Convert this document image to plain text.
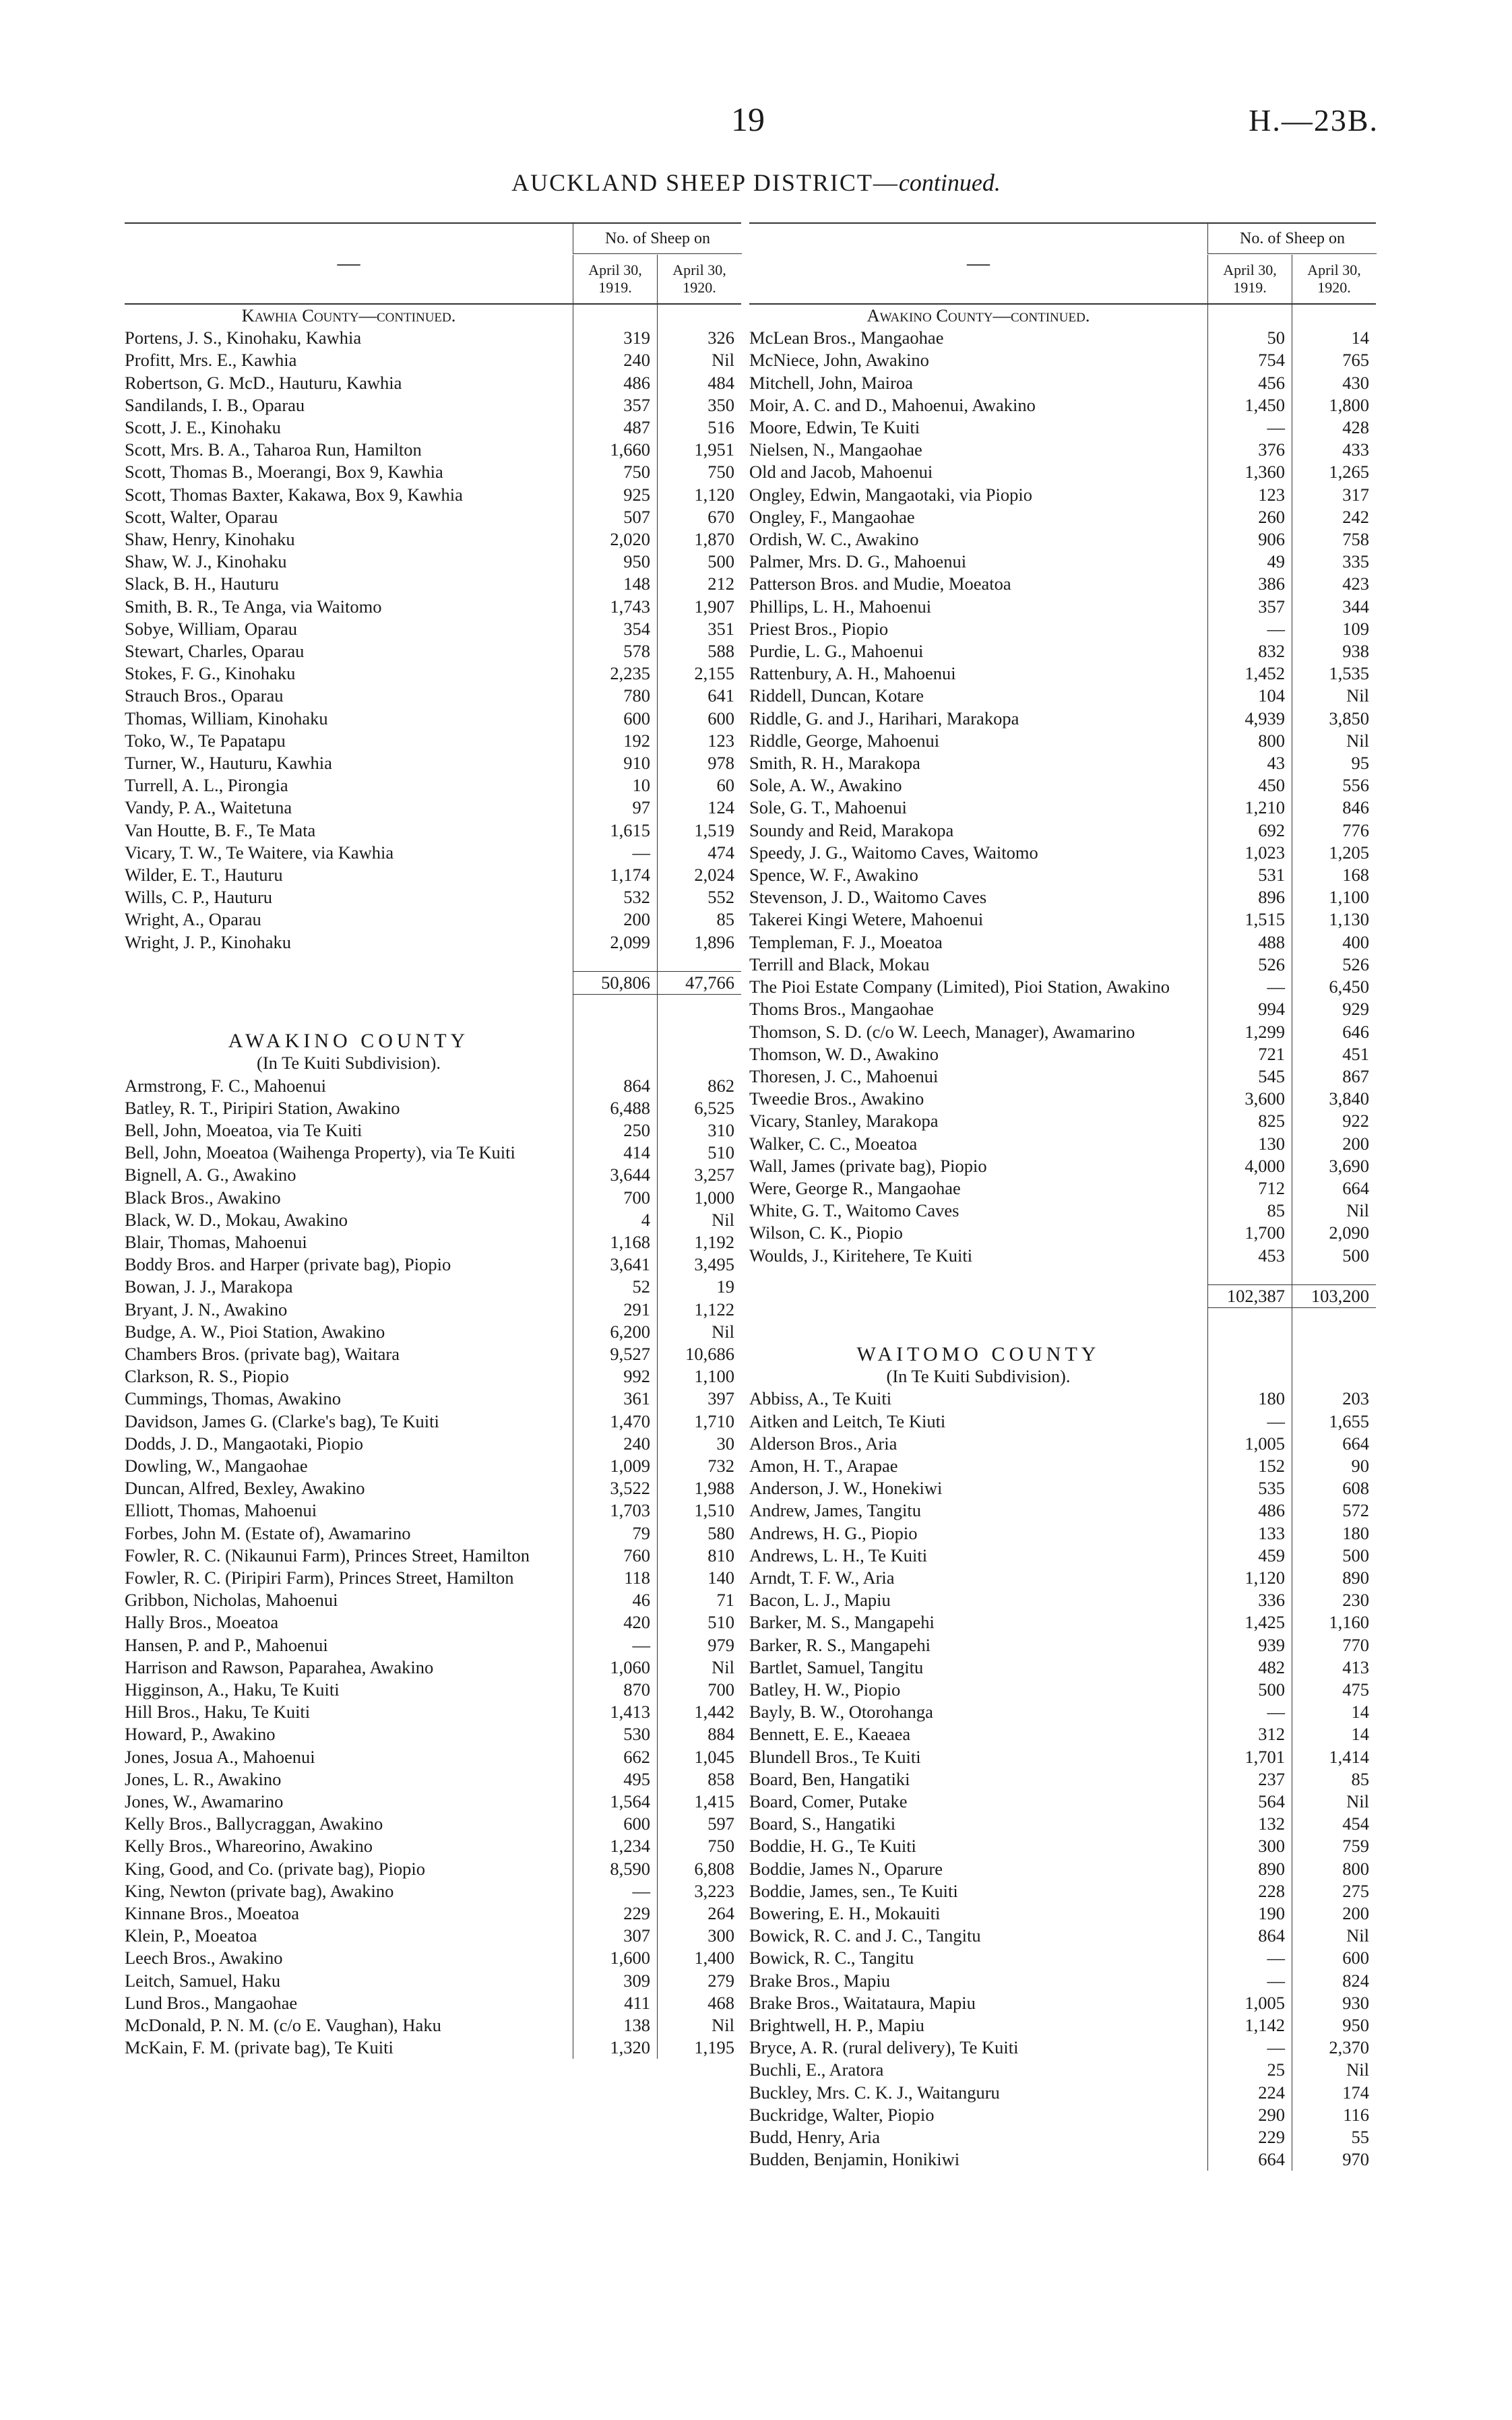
19	H.—23B.
AUCKLAND SHEEP DISTRICT—continued.
—
No. of Sheep on
April 30, 1919.
April 30, 1920.
Kawhia County—continued.
Portens, J. S., Kinohaku, Kawhia	319	326
Profitt, Mrs. E., Kawhia	240	Nil
Robertson, G. McD., Hauturu, Kawhia	486	484
Sandilands, I. B., Oparau	357	350
Scott, J. E., Kinohaku	487	516
Scott, Mrs. B. A., Taharoa Run, Hamilton	1,660	1,951
Scott, Thomas B., Moerangi, Box 9, Kawhia	750	750
Scott, Thomas Baxter, Kakawa, Box 9, Kawhia	925	1,120
Scott, Walter, Oparau	507	670
Shaw, Henry, Kinohaku	2,020	1,870
Shaw, W. J., Kinohaku	950	500
Slack, B. H., Hauturu	148	212
Smith, B. R., Te Anga, via Waitomo	1,743	1,907
Sobye, William, Oparau	354	351
Stewart, Charles, Oparau	578	588
Stokes, F. G., Kinohaku	2,235	2,155
Strauch Bros., Oparau	780	641
Thomas, William, Kinohaku	600	600
Toko, W., Te Papatapu	192	123
Turner, W., Hauturu, Kawhia	910	978
Turrell, A. L., Pirongia	10	60
Vandy, P. A., Waitetuna	97	124
Van Houtte, B. F., Te Mata	1,615	1,519
Vicary, T. W., Te Waitere, via Kawhia	—	474
Wilder, E. T., Hauturu	1,174	2,024
Wills, C. P., Hauturu	532	552
Wright, A., Oparau	200	85
Wright, J. P., Kinohaku	2,099	1,896
50,806	47,766
AWAKINO COUNTY
(In Te Kuiti Subdivision).
Armstrong, F. C., Mahoenui	864	862
Batley, R. T., Piripiri Station, Awakino	6,488	6,525
Bell, John, Moeatoa, via Te Kuiti	250	310
Bell, John, Moeatoa (Waihenga Property), via Te Kuiti	414	510
Bignell, A. G., Awakino	3,644	3,257
Black Bros., Awakino	700	1,000
Black, W. D., Mokau, Awakino	4	Nil
Blair, Thomas, Mahoenui	1,168	1,192
Boddy Bros. and Harper (private bag), Piopio	3,641	3,495
Bowan, J. J., Marakopa	52	19
Bryant, J. N., Awakino	291	1,122
Budge, A. W., Pioi Station, Awakino	6,200	Nil
Chambers Bros. (private bag), Waitara	9,527	10,686
Clarkson, R. S., Piopio	992	1,100
Cummings, Thomas, Awakino	361	397
Davidson, James G. (Clarke's bag), Te Kuiti	1,470	1,710
Dodds, J. D., Mangaotaki, Piopio	240	30
Dowling, W., Mangaohae	1,009	732
Duncan, Alfred, Bexley, Awakino	3,522	1,988
Elliott, Thomas, Mahoenui	1,703	1,510
Forbes, John M. (Estate of), Awamarino	79	580
Fowler, R. C. (Nikaunui Farm), Princes Street, Hamilton	760	810
Fowler, R. C. (Piripiri Farm), Princes Street, Hamilton	118	140
Gribbon, Nicholas, Mahoenui	46	71
Hally Bros., Moeatoa	420	510
Hansen, P. and P., Mahoenui	—	979
Harrison and Rawson, Paparahea, Awakino	1,060	Nil
Higginson, A., Haku, Te Kuiti	870	700
Hill Bros., Haku, Te Kuiti	1,413	1,442
Howard, P., Awakino	530	884
Jones, Josua A., Mahoenui	662	1,045
Jones, L. R., Awakino	495	858
Jones, W., Awamarino	1,564	1,415
Kelly Bros., Ballycraggan, Awakino	600	597
Kelly Bros., Whareorino, Awakino	1,234	750
King, Good, and Co. (private bag), Piopio	8,590	6,808
King, Newton (private bag), Awakino	—	3,223
Kinnane Bros., Moeatoa	229	264
Klein, P., Moeatoa	307	300
Leech Bros., Awakino	1,600	1,400
Leitch, Samuel, Haku	309	279
Lund Bros., Mangaohae	411	468
McDonald, P. N. M. (c/o E. Vaughan), Haku	138	Nil
McKain, F. M. (private bag), Te Kuiti	1,320	1,195
—
No. of Sheep on
April 30, 1919.
April 30, 1920.
Awakino County—continued.
McLean Bros., Mangaohae	50	14
McNiece, John, Awakino	754	765
Mitchell, John, Mairoa	456	430
Moir, A. C. and D., Mahoenui, Awakino	1,450	1,800
Moore, Edwin, Te Kuiti	—	428
Nielsen, N., Mangaohae	376	433
Old and Jacob, Mahoenui	1,360	1,265
Ongley, Edwin, Mangaotaki, via Piopio	123	317
Ongley, F., Mangaohae	260	242
Ordish, W. C., Awakino	906	758
Palmer, Mrs. D. G., Mahoenui	49	335
Patterson Bros. and Mudie, Moeatoa	386	423
Phillips, L. H., Mahoenui	357	344
Priest Bros., Piopio	—	109
Purdie, L. G., Mahoenui	832	938
Rattenbury, A. H., Mahoenui	1,452	1,535
Riddell, Duncan, Kotare	104	Nil
Riddle, G. and J., Harihari, Marakopa	4,939	3,850
Riddle, George, Mahoenui	800	Nil
Smith, R. H., Marakopa	43	95
Sole, A. W., Awakino	450	556
Sole, G. T., Mahoenui	1,210	846
Soundy and Reid, Marakopa	692	776
Speedy, J. G., Waitomo Caves, Waitomo	1,023	1,205
Spence, W. F., Awakino	531	168
Stevenson, J. D., Waitomo Caves	896	1,100
Takerei Kingi Wetere, Mahoenui	1,515	1,130
Templeman, F. J., Moeatoa	488	400
Terrill and Black, Mokau	526	526
The Pioi Estate Company (Limited), Pioi Station, Awakino	—	6,450
Thoms Bros., Mangaohae	994	929
Thomson, S. D. (c/o W. Leech, Manager), Awamarino	1,299	646
Thomson, W. D., Awakino	721	451
Thoresen, J. C., Mahoenui	545	867
Tweedie Bros., Awakino	3,600	3,840
Vicary, Stanley, Marakopa	825	922
Walker, C. C., Moeatoa	130	200
Wall, James (private bag), Piopio	4,000	3,690
Were, George R., Mangaohae	712	664
White, G. T., Waitomo Caves	85	Nil
Wilson, C. K., Piopio	1,700	2,090
Woulds, J., Kiritehere, Te Kuiti	453	500
102,387	103,200
WAITOMO COUNTY
(In Te Kuiti Subdivision).
Abbiss, A., Te Kuiti	180	203
Aitken and Leitch, Te Kiuti	—	1,655
Alderson Bros., Aria	1,005	664
Amon, H. T., Arapae	152	90
Anderson, J. W., Honekiwi	535	608
Andrew, James, Tangitu	486	572
Andrews, H. G., Piopio	133	180
Andrews, L. H., Te Kuiti	459	500
Arndt, T. F. W., Aria	1,120	890
Bacon, L. J., Mapiu	336	230
Barker, M. S., Mangapehi	1,425	1,160
Barker, R. S., Mangapehi	939	770
Bartlet, Samuel, Tangitu	482	413
Batley, H. W., Piopio	500	475
Bayly, B. W., Otorohanga	—	14
Bennett, E. E., Kaeaea	312	14
Blundell Bros., Te Kuiti	1,701	1,414
Board, Ben, Hangatiki	237	85
Board, Comer, Putake	564	Nil
Board, S., Hangatiki	132	454
Boddie, H. G., Te Kuiti	300	759
Boddie, James N., Oparure	890	800
Boddie, James, sen., Te Kuiti	228	275
Bowering, E. H., Mokauiti	190	200
Bowick, R. C. and J. C., Tangitu	864	Nil
Bowick, R. C., Tangitu	—	600
Brake Bros., Mapiu	—	824
Brake Bros., Waitataura, Mapiu	1,005	930
Brightwell, H. P., Mapiu	1,142	950
Bryce, A. R. (rural delivery), Te Kuiti	—	2,370
Buchli, E., Aratora	25	Nil
Buckley, Mrs. C. K. J., Waitanguru	224	174
Buckridge, Walter, Piopio	290	116
Budd, Henry, Aria	229	55
Budden, Benjamin, Honikiwi	664	970
